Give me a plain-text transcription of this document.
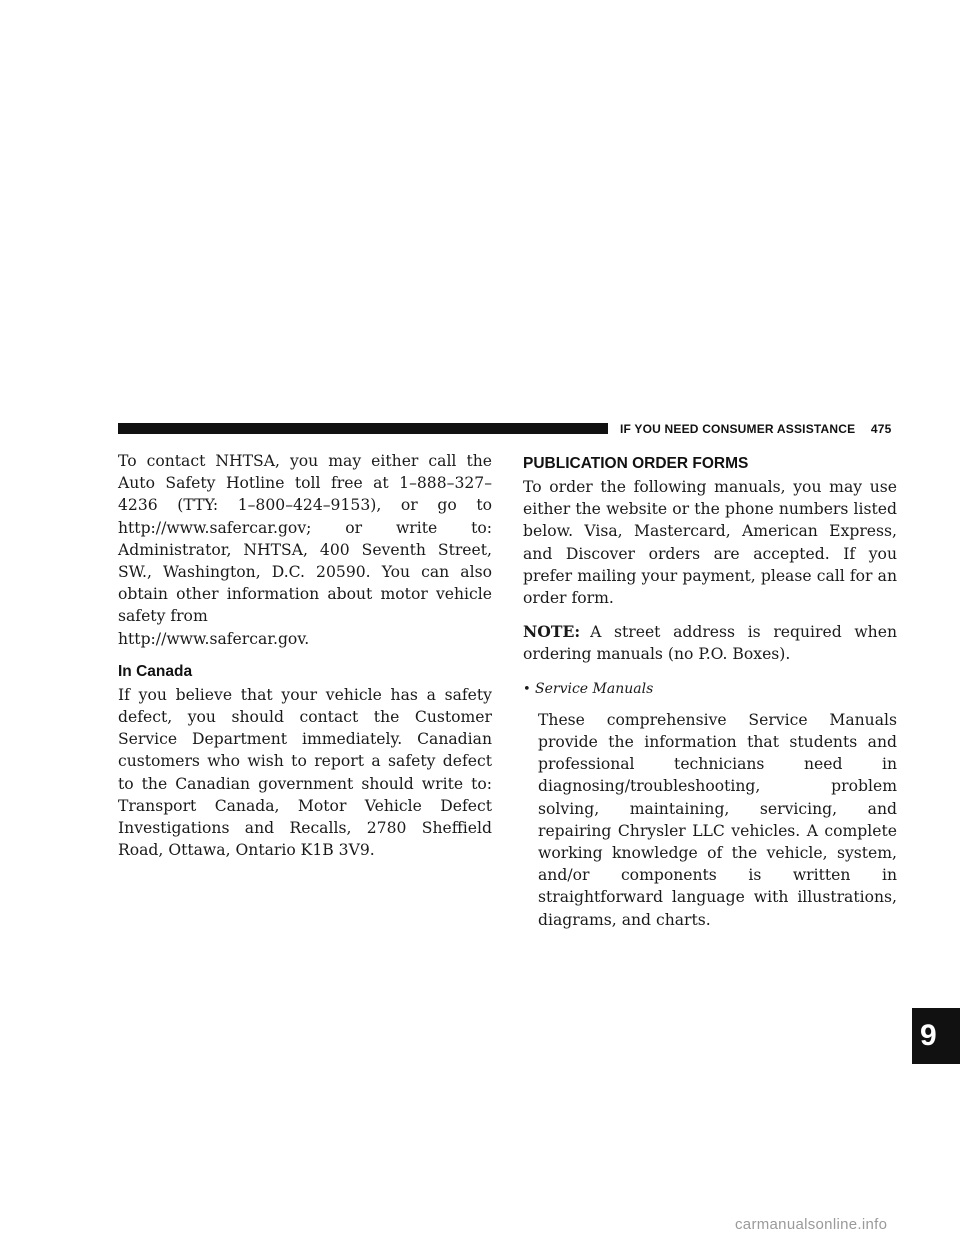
IF YOU NEED CONSUMER ASSISTANCE 475

To contact NHTSA, you may either call the Auto Safety Hotline toll free at 1–888–327–4236 (TTY: 1–800–424–9153), or go to http://www.safercar.gov; or write to: Administrator, NHTSA, 400 Seventh Street, SW., Washington, D.C. 20590. You can also obtain other information about motor vehicle safety from
http://www.safercar.gov.

In Canada

If you believe that your vehicle has a safety defect, you should contact the Customer Service Department immediately. Canadian customers who wish to report a safety defect to the Canadian government should write to: Transport Canada, Motor Vehicle Defect Investigations and Recalls, 2780 Sheffield Road, Ottawa, Ontario K1B 3V9.

PUBLICATION ORDER FORMS

To order the following manuals, you may use either the website or the phone numbers listed below. Visa, Mastercard, American Express, and Discover orders are accepted. If you prefer mailing your payment, please call for an order form.

NOTE: A street address is required when ordering manuals (no P.O. Boxes).

• Service Manuals

These comprehensive Service Manuals provide the information that students and professional technicians need in diagnosing/troubleshooting, problem solving, maintaining, servicing, and repairing Chrysler LLC vehicles. A complete working knowledge of the vehicle, system, and/or components is written in straightforward language with illustrations, diagrams, and charts.

9
carmanualsonline.info
